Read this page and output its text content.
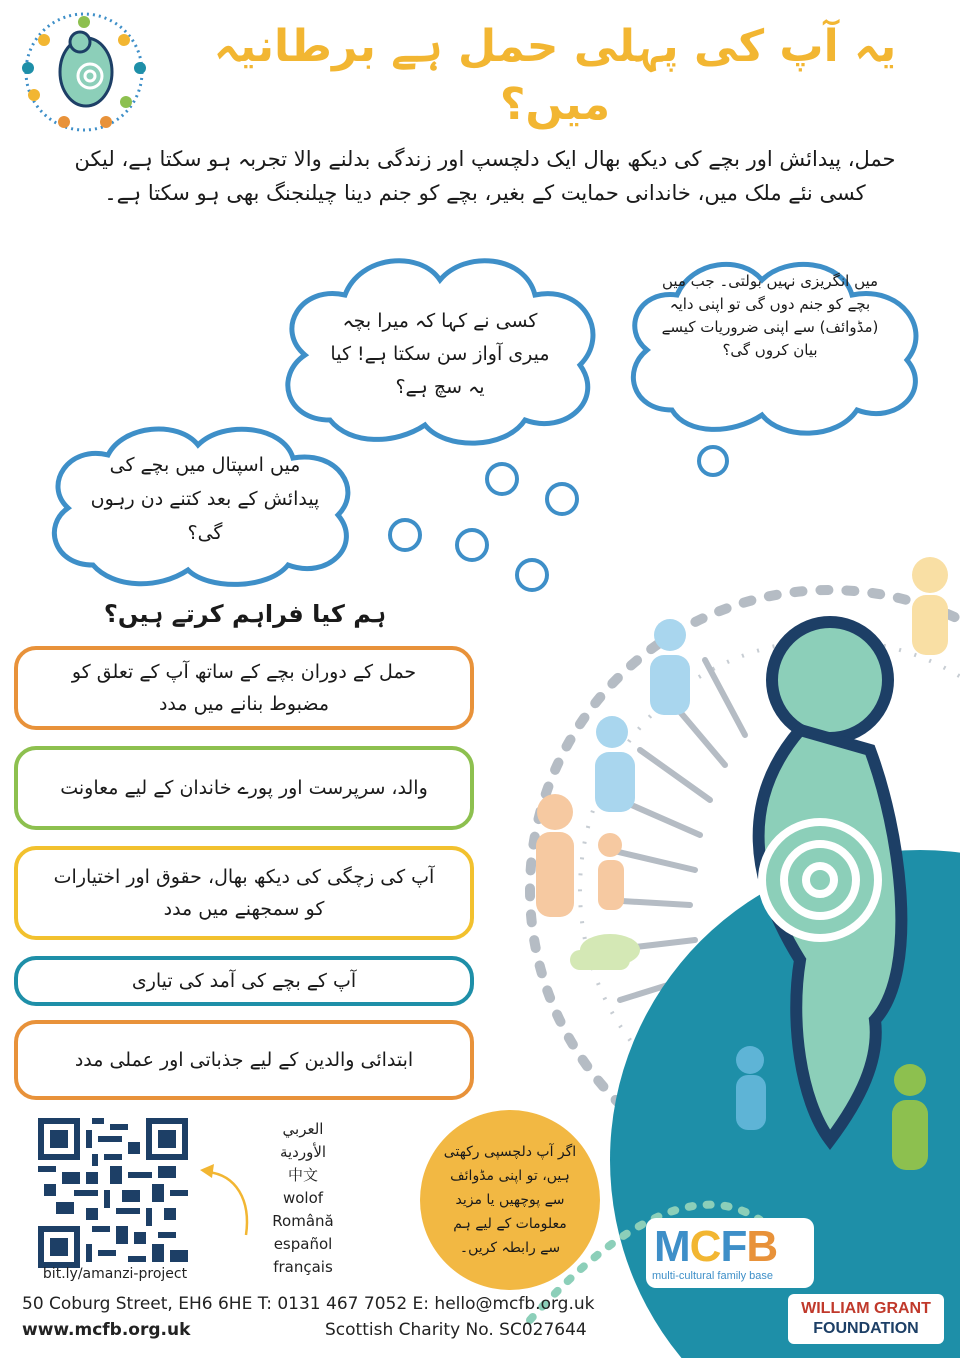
یہ آپ کی پہلی حمل ہے برطانیہ میں؟
حمل، پیدائش اور بچے کی دیکھ بھال ایک دلچسپ اور زندگی بدلنے والا تجربہ ہو سکتا ہے، لیکن کسی نئے ملک میں، خاندانی حمایت کے بغیر، بچے کو جنم دینا چیلنجنگ بھی ہو سکتا ہے۔
میں انگریزی نہیں بولتی۔ جب میں بچے کو جنم دوں گی تو اپنی دایہ (مڈوائف) سے اپنی ضروریات کیسے بیان کروں گی؟
کسی نے کہا کہ میرا بچہ میری آواز سن سکتا ہے! کیا یہ سچ ہے؟
میں اسپتال میں بچے کی پیدائش کے بعد کتنے دن رہوں گی؟
ہم کیا فراہم کرتے ہیں؟
حمل کے دوران بچے کے ساتھ آپ کے تعلق کو مضبوط بنانے میں مدد
والد، سرپرست اور پورے خاندان کے لیے معاونت
آپ کی زچگی کی دیکھ بھال، حقوق اور اختیارات کو سمجھنے میں مدد
آپ کے بچے کی آمد کی تیاری
ابتدائی والدین کے لیے جذباتی اور عملی مدد
bit.ly/amanzi-project
العربي
الأوردية
中文
wolof
Română
español
français
اگر آپ دلچسپی رکھتی ہیں، تو اپنی مڈوائف سے پوچھیں یا مزید معلومات کے لیے ہم سے رابطہ کریں۔	MCFB
multi-cultural family base
WILLIAM GRANT
FOUNDATION
50 Coburg Street, EH6 6HE T: 0131 467 7052 E: hello@mcfb.org.uk
www.mcfb.org.uk	Scottish Charity No. SC027644
